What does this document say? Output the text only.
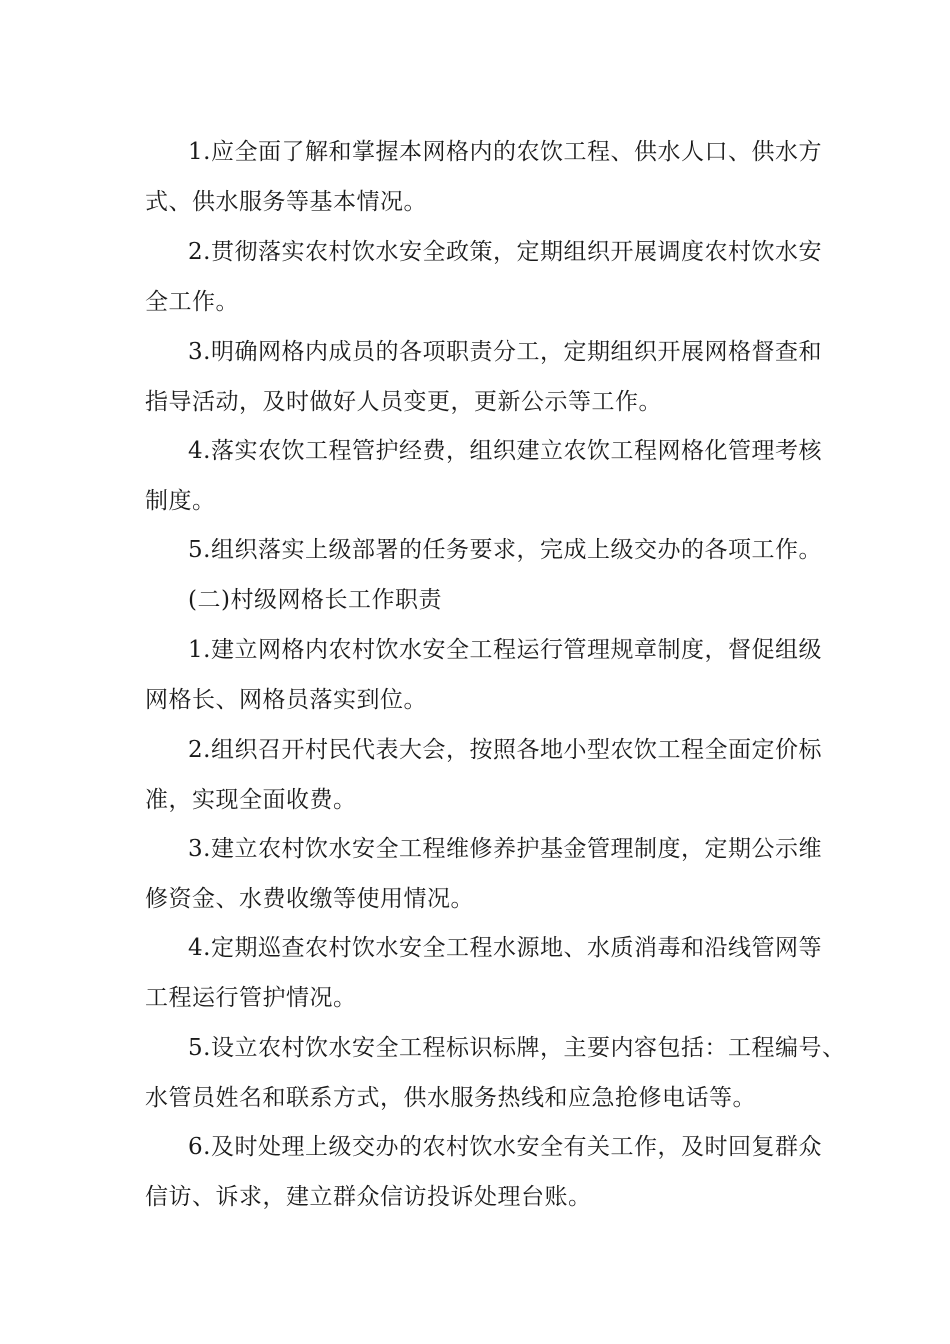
1.应全面了解和掌握本网格内的农饮工程、供水人口、供水方
式、供水服务等基本情况。
2.贯彻落实农村饮水安全政策，定期组织开展调度农村饮水安
全工作。
3.明确网格内成员的各项职责分工，定期组织开展网格督查和
指导活动，及时做好人员变更，更新公示等工作。
4.落实农饮工程管护经费，组织建立农饮工程网格化管理考核
制度。
5.组织落实上级部署的任务要求，完成上级交办的各项工作。
(二)村级网格长工作职责
1.建立网格内农村饮水安全工程运行管理规章制度，督促组级
网格长、网格员落实到位。
2.组织召开村民代表大会，按照各地小型农饮工程全面定价标
准，实现全面收费。
3.建立农村饮水安全工程维修养护基金管理制度，定期公示维
修资金、水费收缴等使用情况。
4.定期巡查农村饮水安全工程水源地、水质消毒和沿线管网等
工程运行管护情况。
5.设立农村饮水安全工程标识标牌，主要内容包括：工程编号、
水管员姓名和联系方式，供水服务热线和应急抢修电话等。
6.及时处理上级交办的农村饮水安全有关工作，及时回复群众
信访、诉求，建立群众信访投诉处理台账。
